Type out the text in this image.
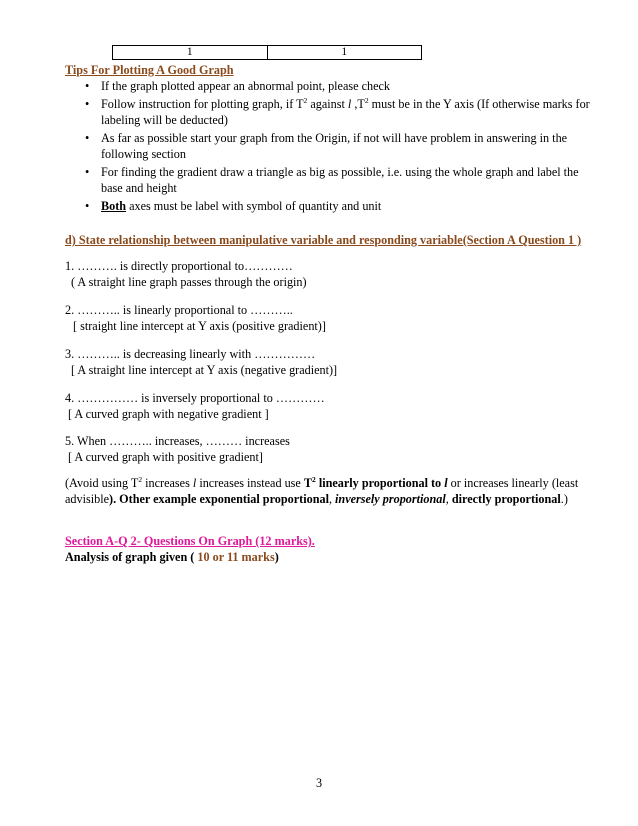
1	1
Tips For Plotting A Good Graph
• If the graph plotted appear an abnormal point, please check
• Follow instruction for plotting graph, if $T^2$ against l $,T^2$ must be in the Y axis (If otherwise marks for labeling will be deducted)
• As far as possible start your graph from the Origin, if not will have problem in answering in the following section
• For finding the gradient draw a triangle as big as possible, i.e. using the whole graph and label the base and height
• Both axes must be label with symbol of quantity and unit
d) State relationship between manipulative variable and responding variable(Section A Question 1 )
1. ………. is directly proportional to…………
( A straight line graph passes through the origin)
2. ……….. is linearly proportional to ………..
[ straight line intercept at Y axis (positive gradient)]
3. ……….. is decreasing linearly with ……………
[ A straight line intercept at Y axis (negative gradient)]
4. …………… is inversely proportional to …………
[ A curved graph with negative gradient ]
5. When ……….. increases, ……… increases
[ A curved graph with positive gradient]
(Avoid using $T^2$ increases l increases instead use $T^2$ linearly proportional to l or increases linearly (least advisible). Other example exponential proportional, inversely proportional, directly proportional.)
Section A-Q 2- Questions On Graph (12 marks).
Analysis of graph given ( 10 or 11 marks)
3
